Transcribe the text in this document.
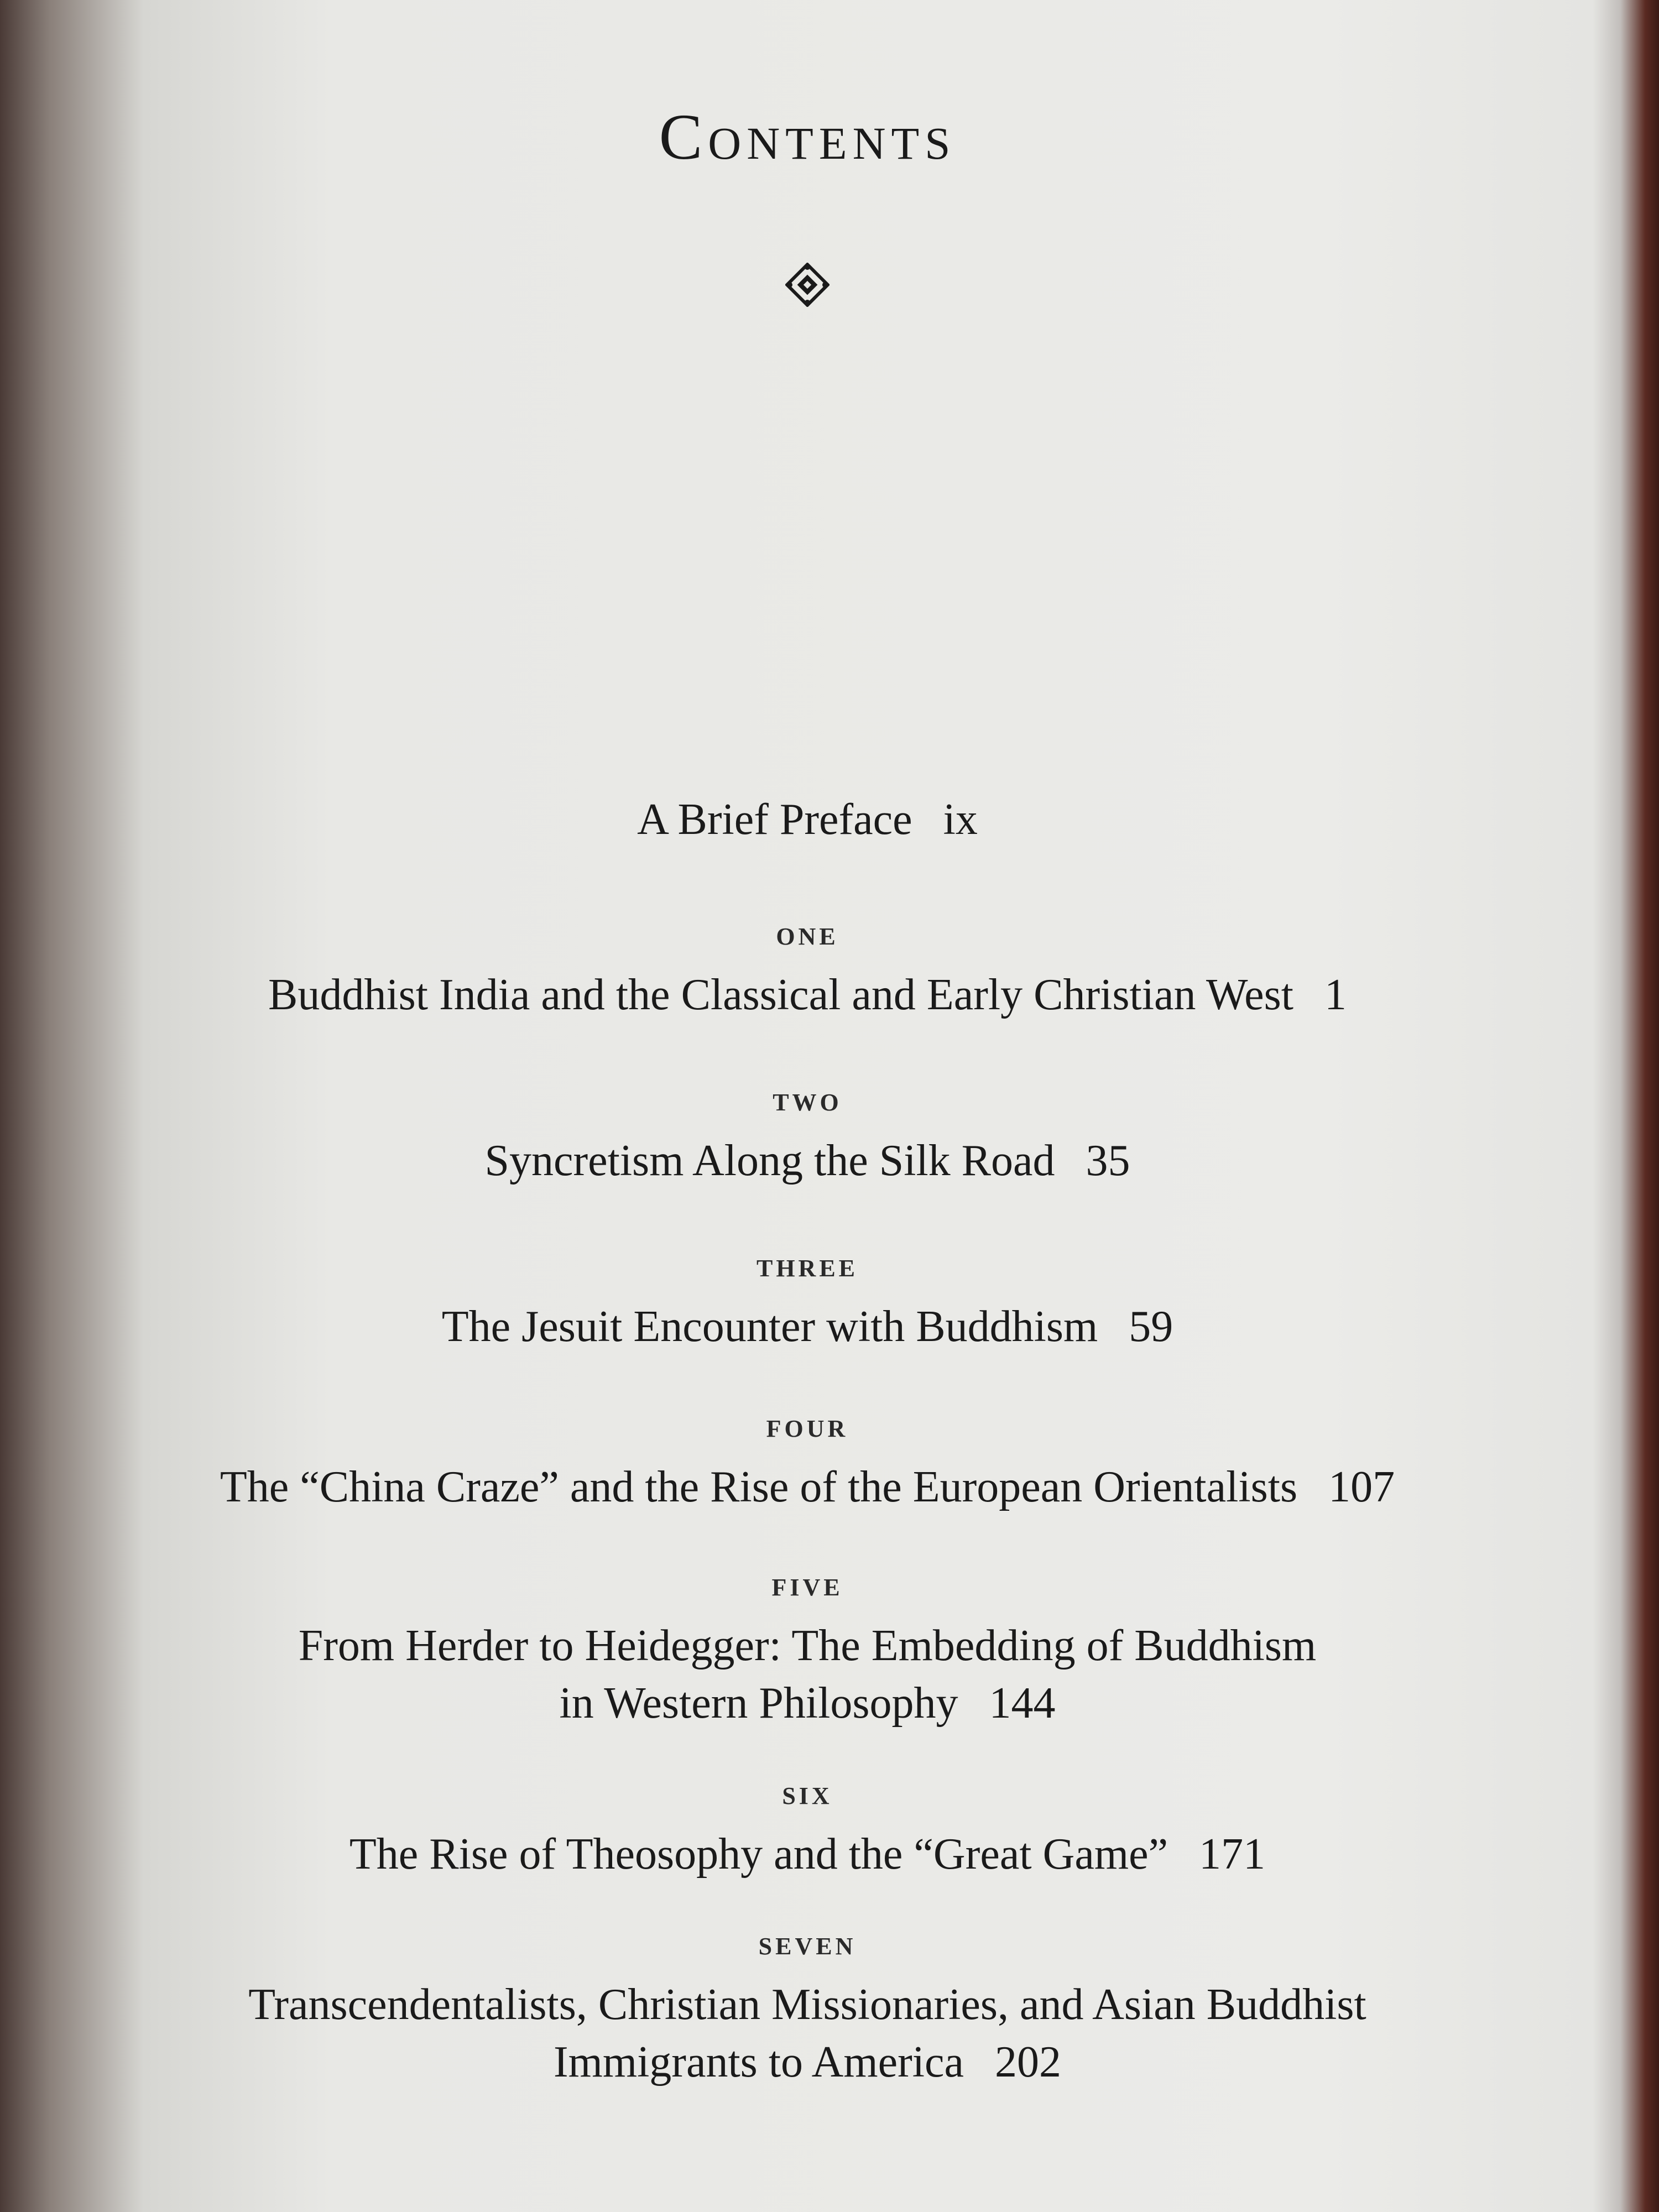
Contents
A Brief Preface ix
ONE
Buddhist India and the Classical and Early Christian West 1
TWO
Syncretism Along the Silk Road 35
THREE
The Jesuit Encounter with Buddhism 59
FOUR
The “China Craze” and the Rise of the European Orientalists 107
FIVE
From Herder to Heidegger: The Embedding of Buddhism
in Western Philosophy 144
SIX
The Rise of Theosophy and the “Great Game” 171
SEVEN
Transcendentalists, Christian Missionaries, and Asian Buddhist
Immigrants to America 202
